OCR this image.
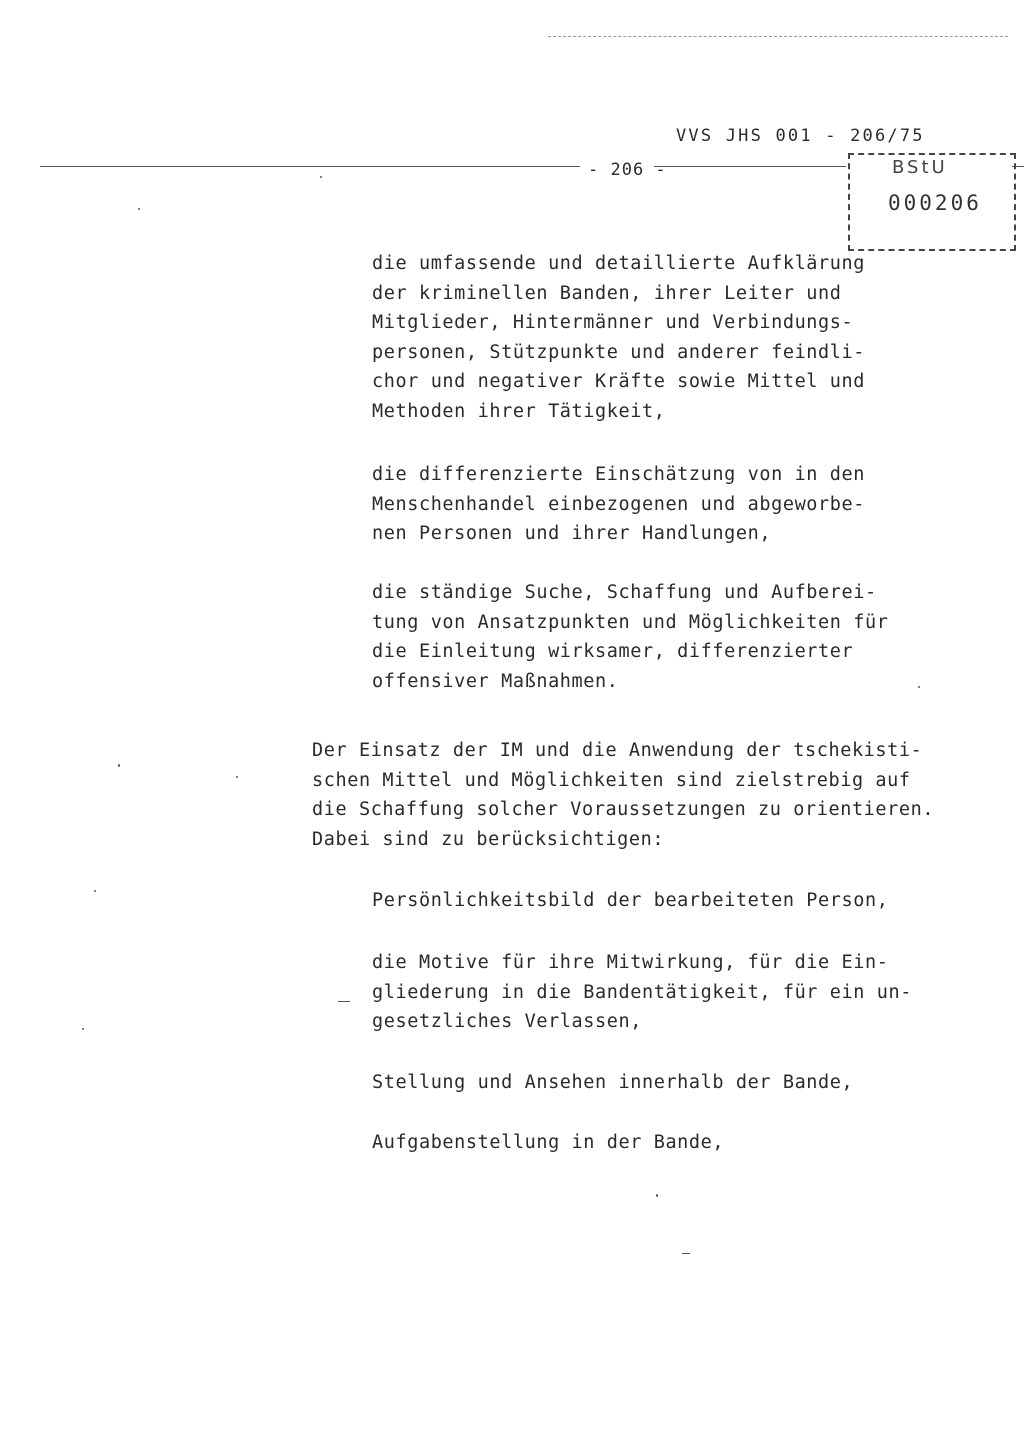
VVS JHS 001 - 206/75
- 206 -	BStU
000206
die umfassende und detaillierte Aufklärung
der kriminellen Banden, ihrer Leiter und
Mitglieder, Hintermänner und Verbindungs-
personen, Stützpunkte und anderer feindli-
chor und negativer Kräfte sowie Mittel und
Methoden ihrer Tätigkeit,
die differenzierte Einschätzung von in den
Menschenhandel einbezogenen und abgeworbe-
nen Personen und ihrer Handlungen,
die ständige Suche, Schaffung und Aufberei-
tung von Ansatzpunkten und Möglichkeiten für
die Einleitung wirksamer, differenzierter
offensiver Maßnahmen.
Der Einsatz der IM und die Anwendung der tschekisti-
schen Mittel und Möglichkeiten sind zielstrebig auf
die Schaffung solcher Voraussetzungen zu orientieren.
Dabei sind zu berücksichtigen:
Persönlichkeitsbild der bearbeiteten Person,
die Motive für ihre Mitwirkung, für die Ein-
gliederung in die Bandentätigkeit, für ein un-
gesetzliches Verlassen,
Stellung und Ansehen innerhalb der Bande,
Aufgabenstellung in der Bande,
